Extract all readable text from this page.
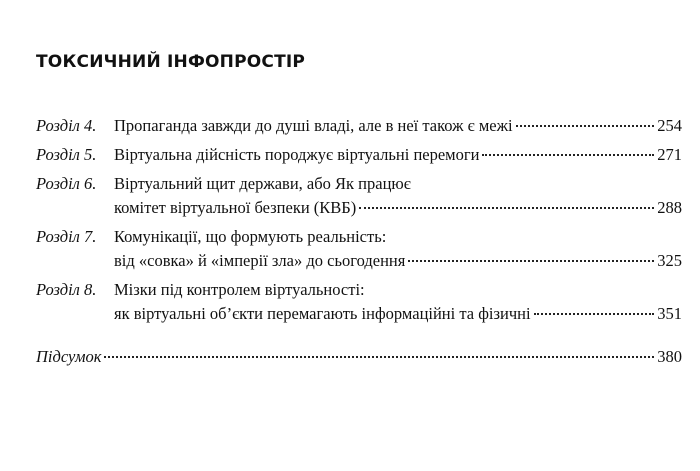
ТОКСИЧНИЙ ІНФОПРОСТІР
Розділ 4.	Пропаганда завжди до душі владі, але в неї також є межі	254
Розділ 5.	Віртуальна дійсність породжує віртуальні перемоги	271
Розділ 6.	Віртуальний щит держави, або Як працює
комітет віртуальної безпеки (КВБ)	288
Розділ 7.	Комунікації, що формують реальність:
від «совка» й «імперії зла» до сьогодення	325
Розділ 8.	Мізки під контролем віртуальності:
як віртуальні об’єкти перемагають інформаційні та фізичні	351
Підсумок	380
